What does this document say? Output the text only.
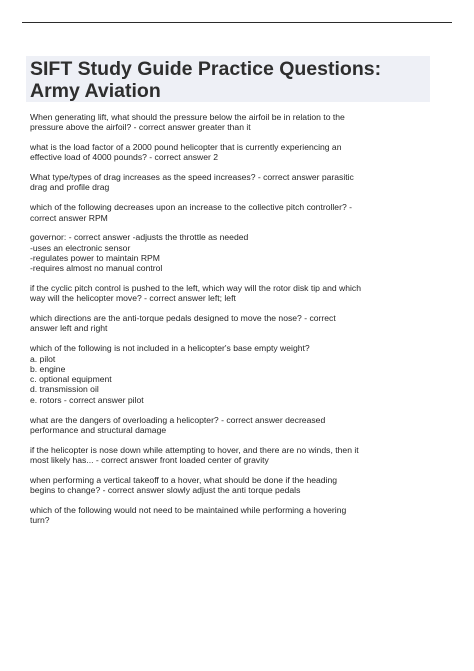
SIFT Study Guide Practice Questions:
Army Aviation
When generating lift, what should the pressure below the airfoil be in relation to the
pressure above the airfoil? - correct answer greater than it
what is the load factor of a 2000 pound helicopter that is currently experiencing an
effective load of 4000 pounds? - correct answer 2
What type/types of drag increases as the speed increases? - correct answer parasitic
drag and profile drag
which of the following decreases upon an increase to the collective pitch controller? -
correct answer RPM
governor: - correct answer -adjusts the throttle as needed
-uses an electronic sensor
-regulates power to maintain RPM
-requires almost no manual control
if the cyclic pitch control is pushed to the left, which way will the rotor disk tip and which
way will the helicopter move? - correct answer left; left
which directions are the anti-torque pedals designed to move the nose? - correct
answer left and right
which of the following is not included in a helicopter's base empty weight?
a. pilot
b. engine
c. optional equipment
d. transmission oil
e. rotors - correct answer pilot
what are the dangers of overloading a helicopter? - correct answer decreased
performance and structural damage
if the helicopter is nose down while attempting to hover, and there are no winds, then it
most likely has... - correct answer front loaded center of gravity
when performing a vertical takeoff to a hover, what should be done if the heading
begins to change? - correct answer slowly adjust the anti torque pedals
which of the following would not need to be maintained while performing a hovering
turn?
